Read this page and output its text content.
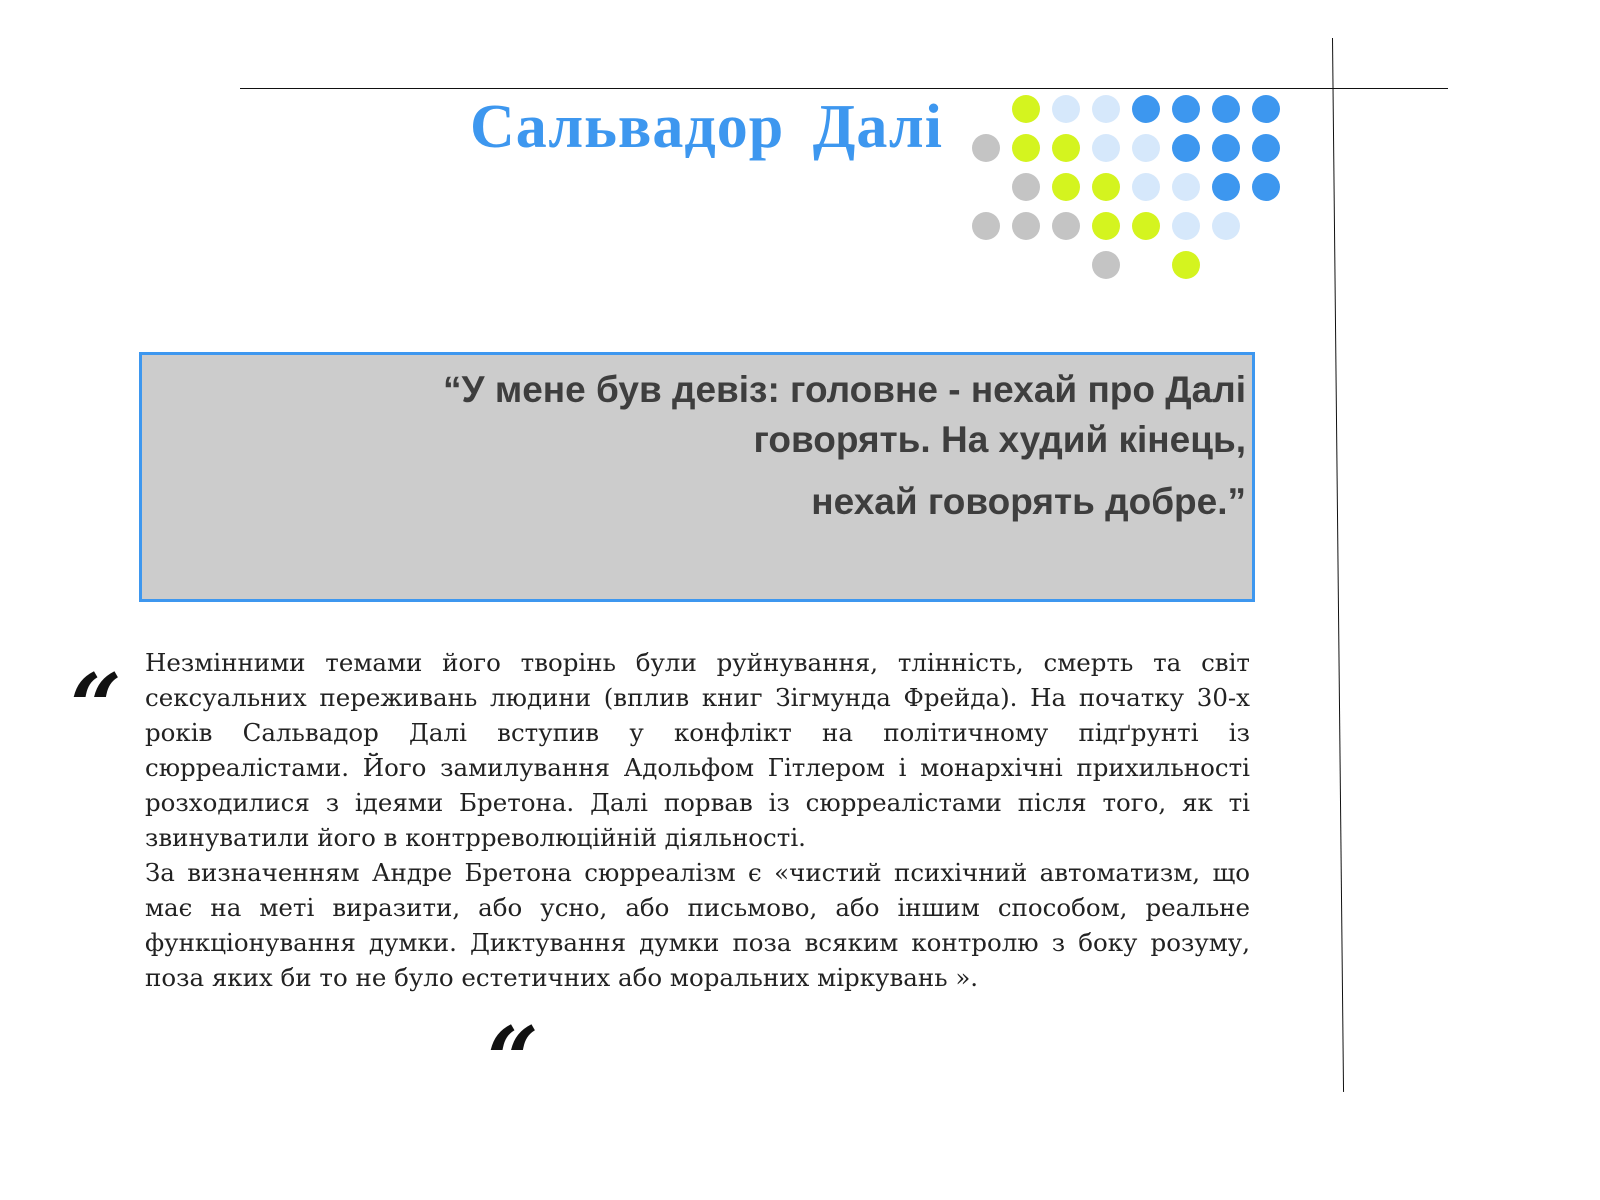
Сальвадор Далі

“У мене був девіз: головне - нехай про Далі
говорять. На худий кінець,
нехай говорять добре.”

“ Незмінними темами його творінь були руйнування, тлінність, смерть та світ сексуальних переживань людини (вплив книг Зігмунда Фрейда). На початку 30-х років Сальвадор Далі вступив у конфлікт на політичному підґрунті із сюрреалістами. Його замилування Адольфом Гітлером і монархічні прихильності розходилися з ідеями Бретона. Далі порвав із сюрреалістами після того, як ті звинуватили його в контрреволюційній діяльності.

За визначенням Андре Бретона сюрреалізм є «чистий психічний автоматизм, що має на меті виразити, або усно, або письмово, або іншим способом, реальне функціонування думки. Диктування думки поза всяким контролю з боку розуму, поза яких би то не було естетичних або моральних міркувань ».

“
